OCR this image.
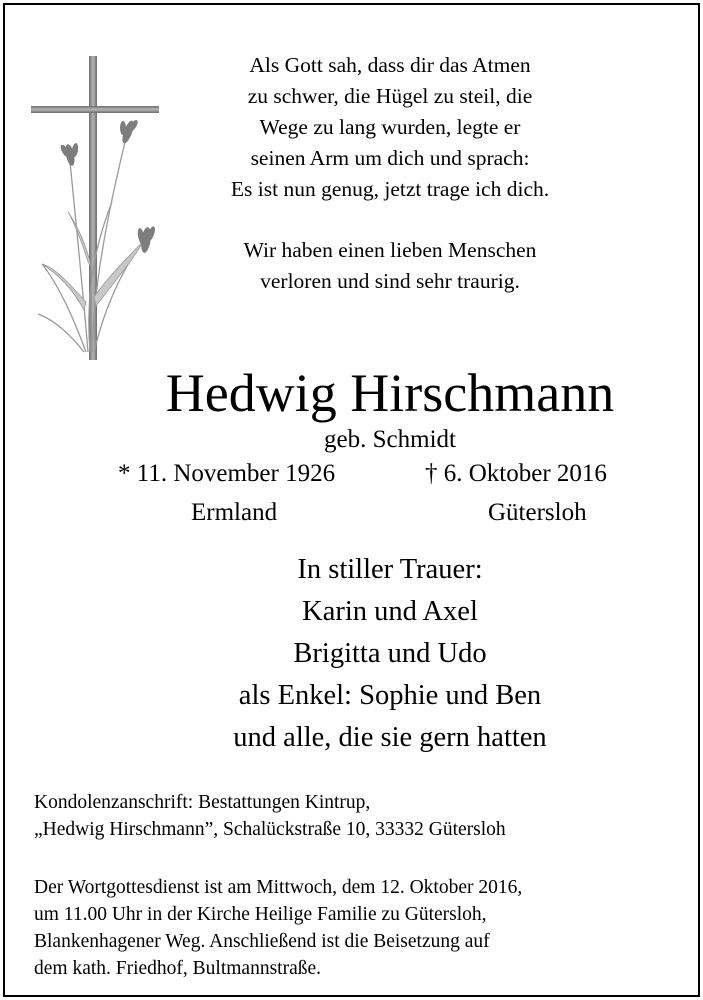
Als Gott sah, dass dir das Atmen
zu schwer, die Hügel zu steil, die
Wege zu lang wurden, legte er
seinen Arm um dich und sprach:
Es ist nun genug, jetzt trage ich dich.

Wir haben einen lieben Menschen
verloren und sind sehr traurig.

Hedwig Hirschmann
geb. Schmidt
* 11. November 1926	† 6. Oktober 2016
Ermland	Gütersloh
In stiller Trauer:
Karin und Axel
Brigitta und Udo
als Enkel: Sophie und Ben
und alle, die sie gern hatten
Kondolenzanschrift: Bestattungen Kintrup,
„Hedwig Hirschmann”, Schalückstraße 10, 33332 Gütersloh
Der Wortgottesdienst ist am Mittwoch, dem 12. Oktober 2016,
um 11.00 Uhr in der Kirche Heilige Familie zu Gütersloh,
Blankenhagener Weg. Anschließend ist die Beisetzung auf
dem kath. Friedhof, Bultmannstraße.
